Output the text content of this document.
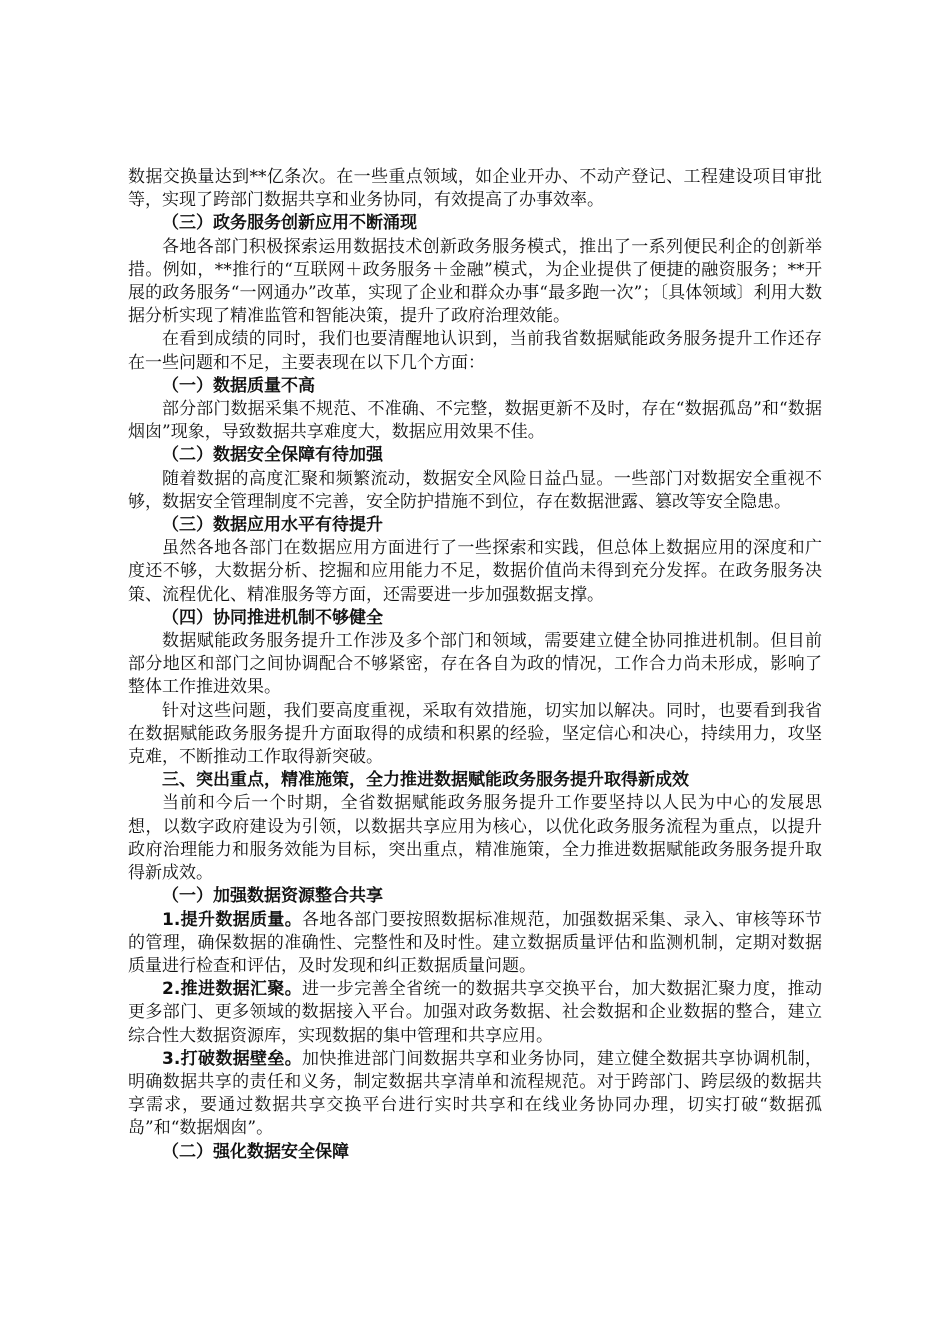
数据交换量达到**亿条次。在一些重点领域，如企业开办、不动产登记、工程建设项目审批等，实现了跨部门数据共享和业务协同，有效提高了办事效率。

（三）政务服务创新应用不断涌现

各地各部门积极探索运用数据技术创新政务服务模式，推出了一系列便民利企的创新举措。例如，**推行的“互联网＋政务服务＋金融”模式，为企业提供了便捷的融资服务；**开展的政务服务“一网通办”改革，实现了企业和群众办事“最多跑一次”；〔具体领域〕利用大数据分析实现了精准监管和智能决策，提升了政府治理效能。

在看到成绩的同时，我们也要清醒地认识到，当前我省数据赋能政务服务提升工作还存在一些问题和不足，主要表现在以下几个方面：

（一）数据质量不高

部分部门数据采集不规范、不准确、不完整，数据更新不及时，存在“数据孤岛”和“数据烟囱”现象，导致数据共享难度大，数据应用效果不佳。

（二）数据安全保障有待加强

随着数据的高度汇聚和频繁流动，数据安全风险日益凸显。一些部门对数据安全重视不够，数据安全管理制度不完善，安全防护措施不到位，存在数据泄露、篡改等安全隐患。

（三）数据应用水平有待提升

虽然各地各部门在数据应用方面进行了一些探索和实践，但总体上数据应用的深度和广度还不够，大数据分析、挖掘和应用能力不足，数据价值尚未得到充分发挥。在政务服务决策、流程优化、精准服务等方面，还需要进一步加强数据支撑。

（四）协同推进机制不够健全

数据赋能政务服务提升工作涉及多个部门和领域，需要建立健全协同推进机制。但目前部分地区和部门之间协调配合不够紧密，存在各自为政的情况，工作合力尚未形成，影响了整体工作推进效果。

针对这些问题，我们要高度重视，采取有效措施，切实加以解决。同时，也要看到我省在数据赋能政务服务提升方面取得的成绩和积累的经验，坚定信心和决心，持续用力，攻坚克难，不断推动工作取得新突破。

三、突出重点，精准施策，全力推进数据赋能政务服务提升取得新成效

当前和今后一个时期，全省数据赋能政务服务提升工作要坚持以人民为中心的发展思想，以数字政府建设为引领，以数据共享应用为核心，以优化政务服务流程为重点，以提升政府治理能力和服务效能为目标，突出重点，精准施策，全力推进数据赋能政务服务提升取得新成效。

（一）加强数据资源整合共享

1.提升数据质量。各地各部门要按照数据标准规范，加强数据采集、录入、审核等环节的管理，确保数据的准确性、完整性和及时性。建立数据质量评估和监测机制，定期对数据质量进行检查和评估，及时发现和纠正数据质量问题。

2.推进数据汇聚。进一步完善全省统一的数据共享交换平台，加大数据汇聚力度，推动更多部门、更多领域的数据接入平台。加强对政务数据、社会数据和企业数据的整合，建立综合性大数据资源库，实现数据的集中管理和共享应用。

3.打破数据壁垒。加快推进部门间数据共享和业务协同，建立健全数据共享协调机制，明确数据共享的责任和义务，制定数据共享清单和流程规范。对于跨部门、跨层级的数据共享需求，要通过数据共享交换平台进行实时共享和在线业务协同办理，切实打破“数据孤岛”和“数据烟囱”。

（二）强化数据安全保障
